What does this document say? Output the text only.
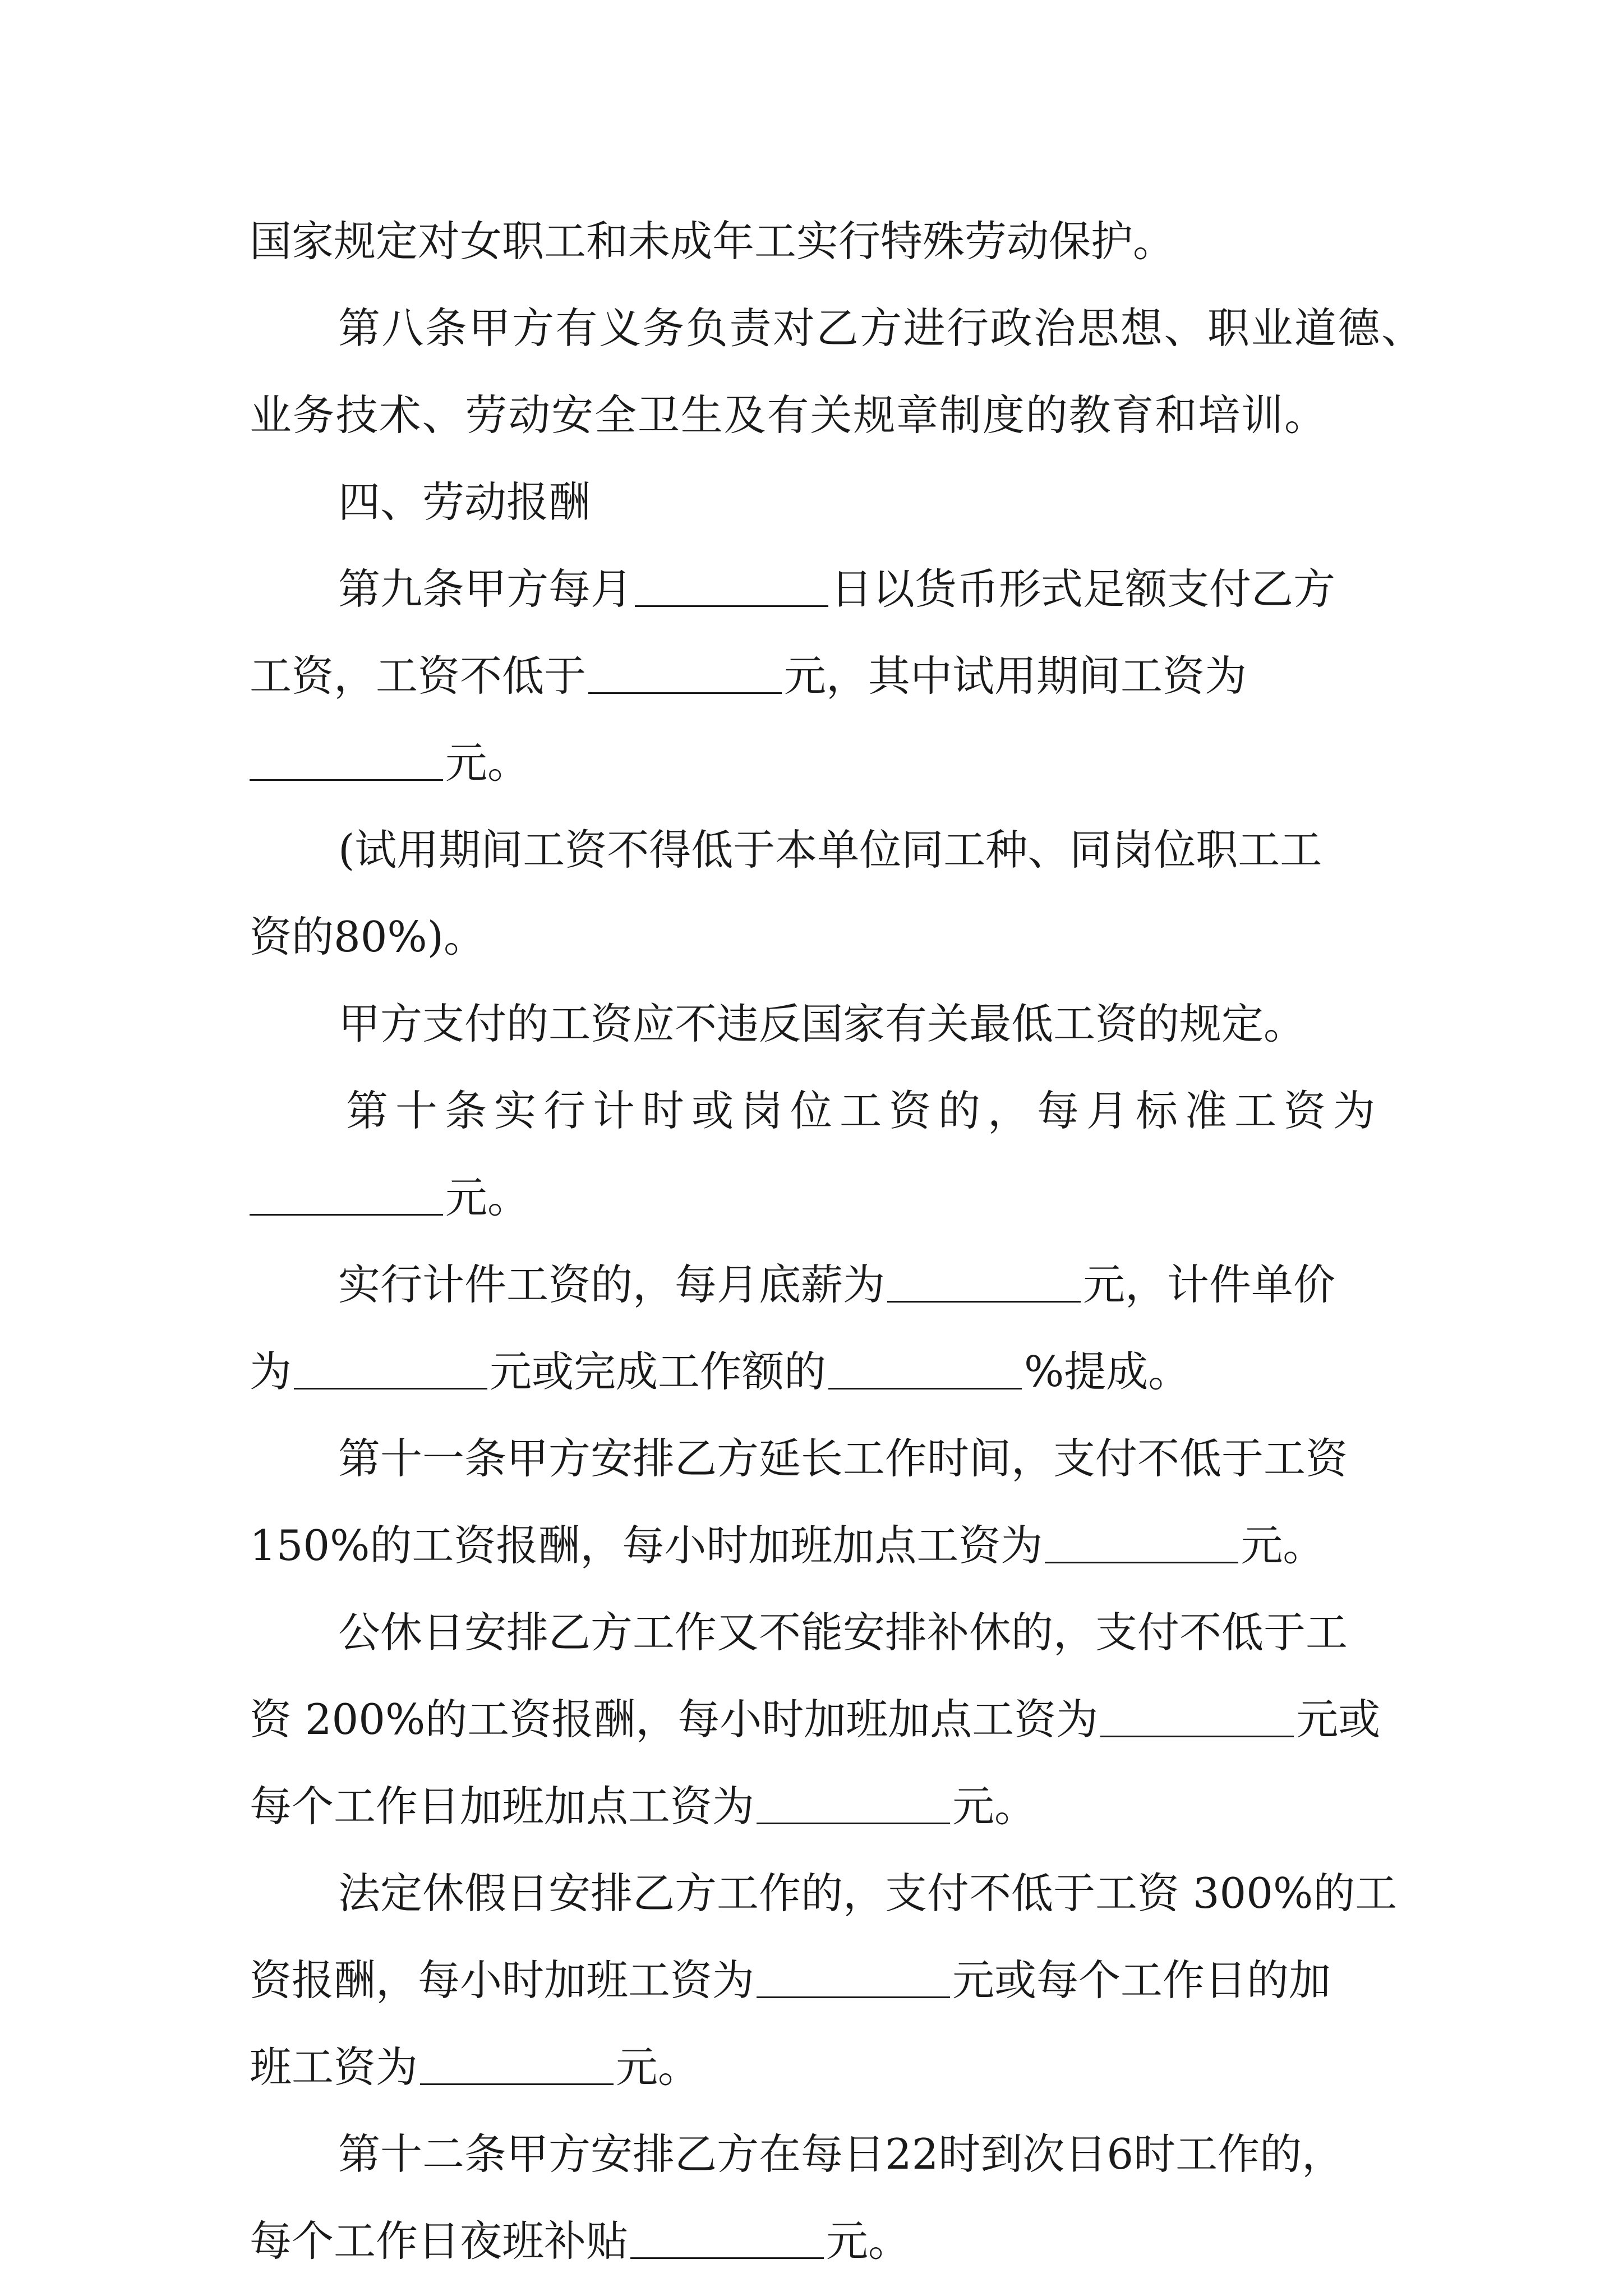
国家规定对女职工和未成年工实行特殊劳动保护。
第八条甲方有义务负责对乙方进行政治思想、职业道德、
业务技术、劳动安全卫生及有关规章制度的教育和培训。
四、劳动报酬
第九条甲方每月	日以货币形式足额支付乙方
工资，工资不低于	元，其中试用期间工资为
元。
(试用期间工资不得低于本单位同工种、同岗位职工工
资的80%)。
甲方支付的工资应不违反国家有关最低工资的规定。
第十条实行计时或岗位工资的，每月标准工资为
元。
实行计件工资的，每月底薪为	元，计件单价
为	元或完成工作额的	%提成。
第十一条甲方安排乙方延长工作时间，支付不低于工资
150%的工资报酬，每小时加班加点工资为	元。
公休日安排乙方工作又不能安排补休的，支付不低于工
资 200%的工资报酬，每小时加班加点工资为	元或
每个工作日加班加点工资为	元。
法定休假日安排乙方工作的，支付不低于工资 300%的工
资报酬，每小时加班工资为	元或每个工作日的加
班工资为	元。
第十二条甲方安排乙方在每日22时到次日6时工作的，
每个工作日夜班补贴	元。
